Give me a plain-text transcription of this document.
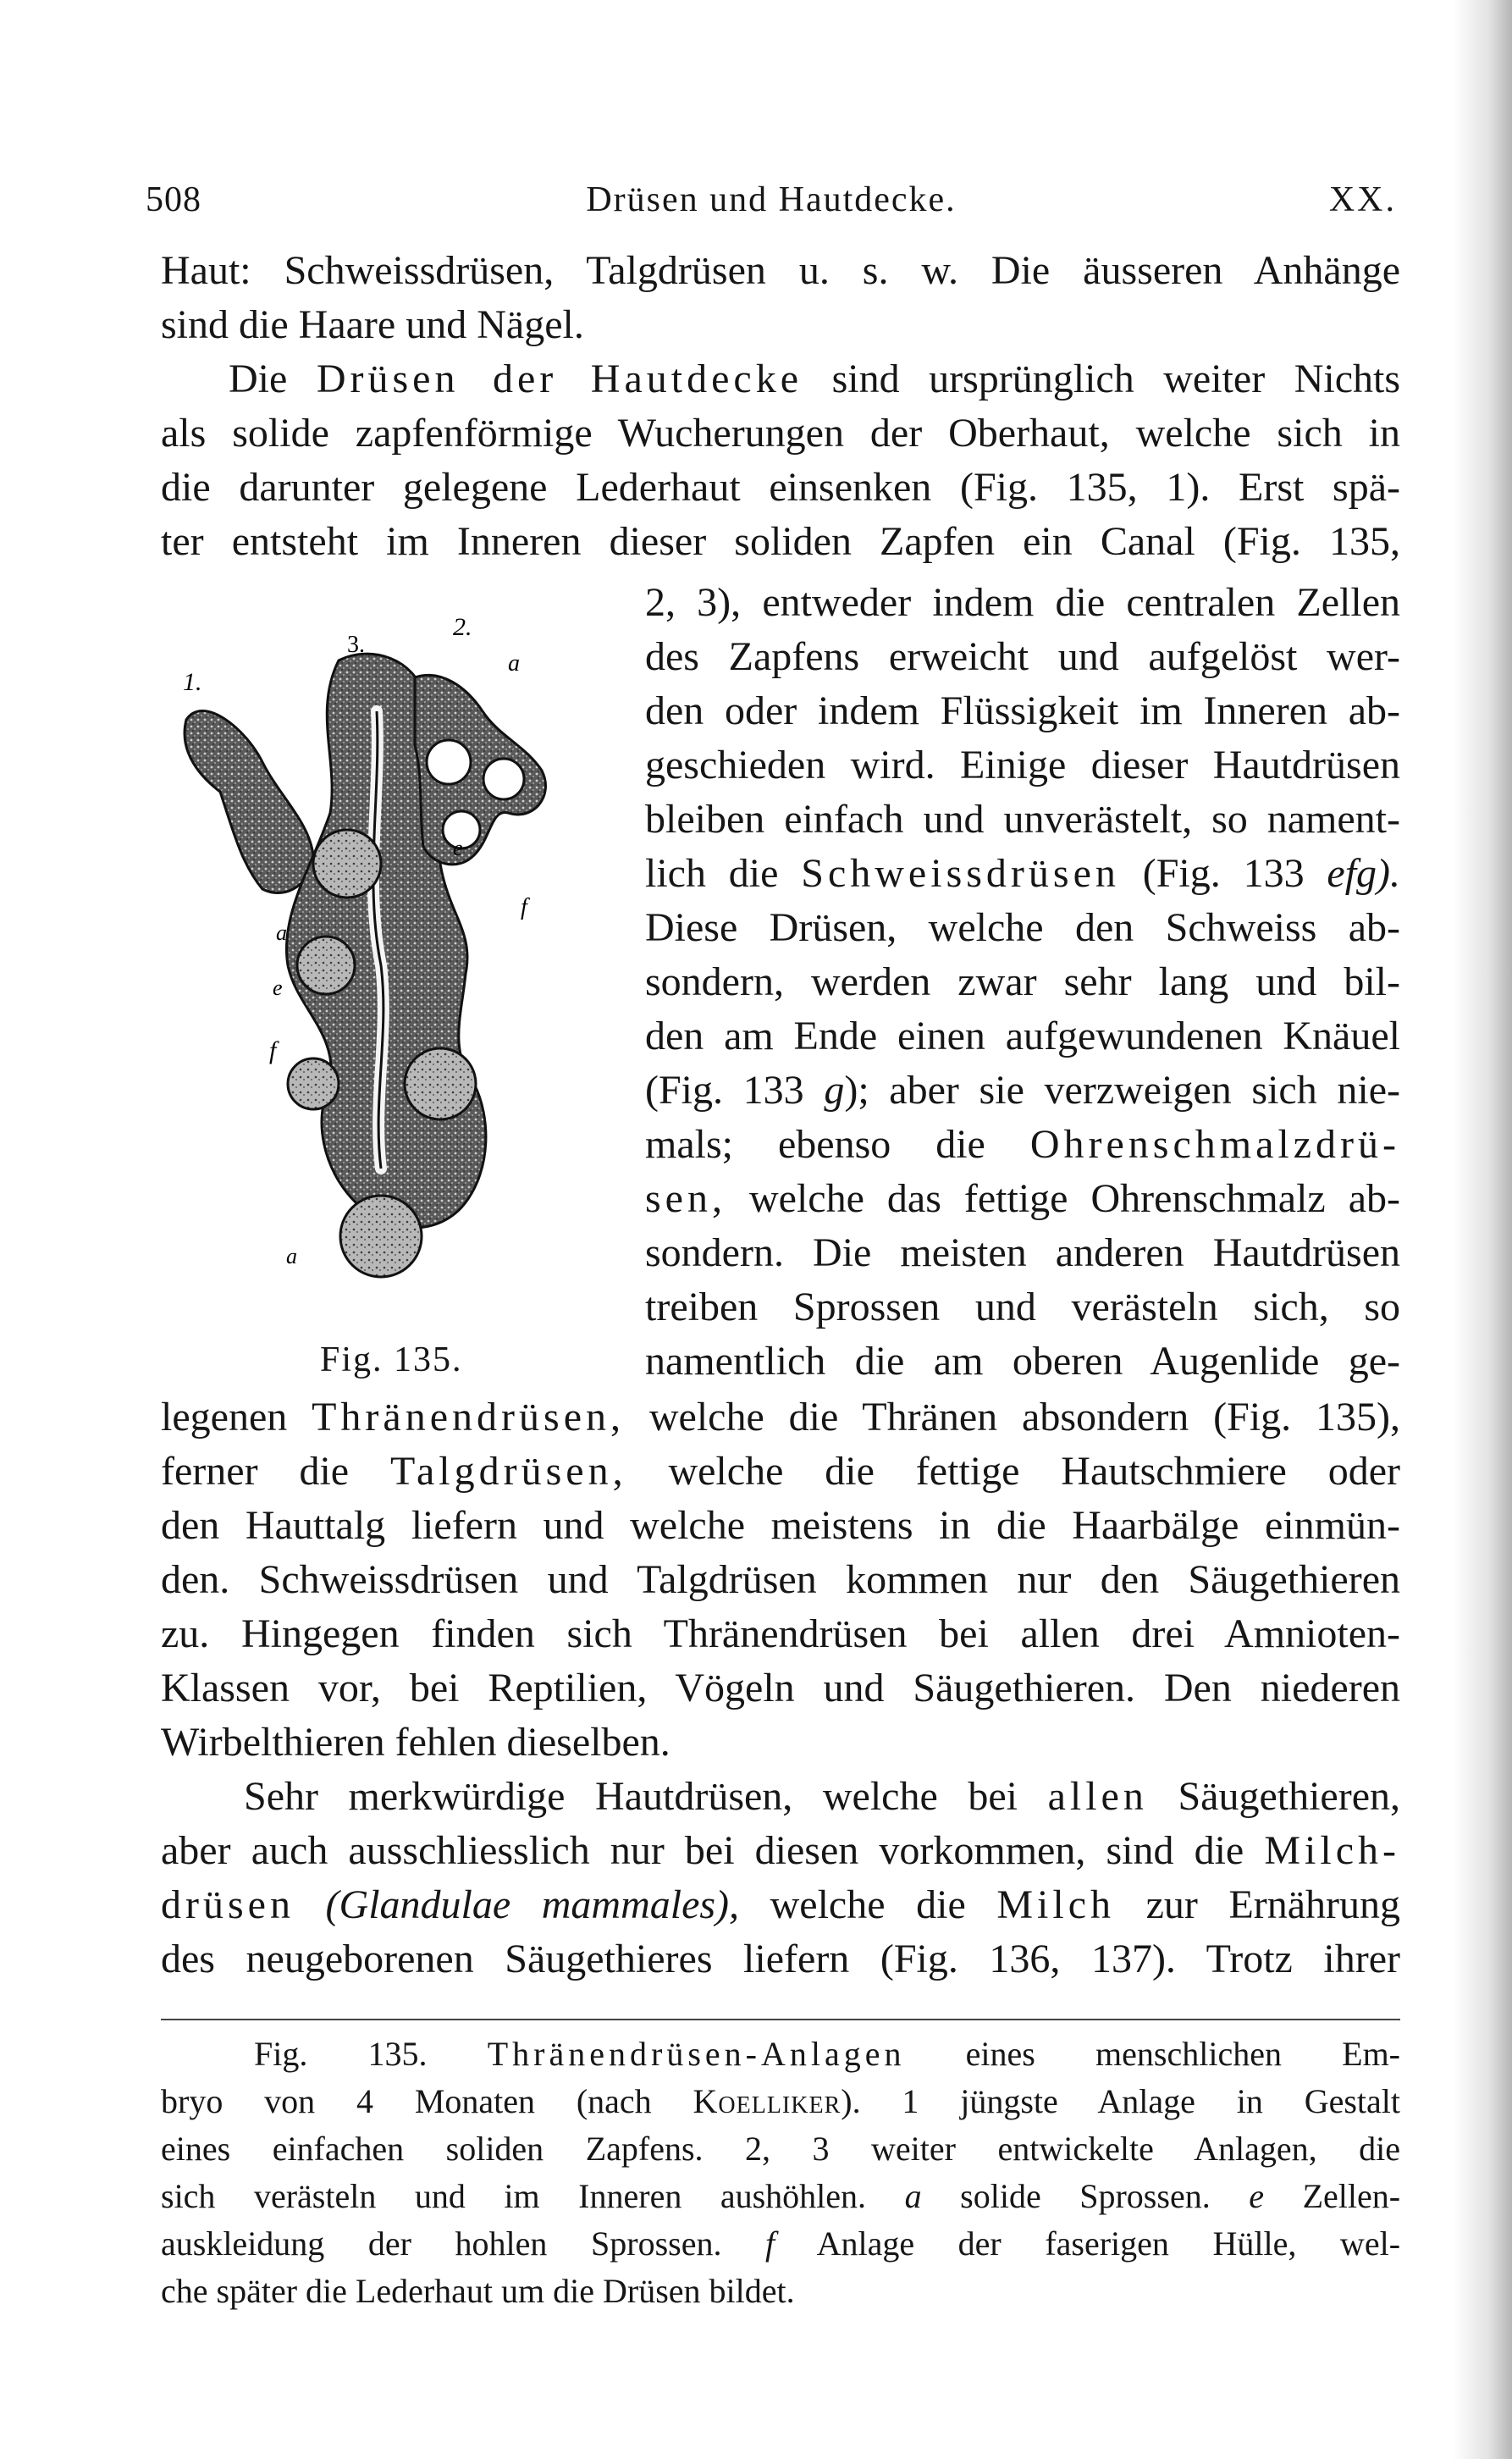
508	Drüsen und Hautdecke.	XX.
Haut: Schweissdrüsen, Talgdrüsen u. s. w. Die äusseren Anhänge
sind die Haare und Nägel.
Die Drüsen der Hautdecke sind ursprünglich weiter Nichts
als solide zapfenförmige Wucherungen der Oberhaut, welche sich in
die darunter gelegene Lederhaut einsenken (Fig. 135, 1). Erst spä-
ter entsteht im Inneren dieser soliden Zapfen ein Canal (Fig. 135,
1.
2.
3.
a
e
f
a
e
f
a
Fig. 135.
2, 3), entweder indem die centralen Zellen
des Zapfens erweicht und aufgelöst wer-
den oder indem Flüssigkeit im Inneren ab-
geschieden wird. Einige dieser Hautdrüsen
bleiben einfach und unverästelt, so nament-
lich die Schweissdrüsen (Fig. 133 efg).
Diese Drüsen, welche den Schweiss ab-
sondern, werden zwar sehr lang und bil-
den am Ende einen aufgewundenen Knäuel
(Fig. 133 g); aber sie verzweigen sich nie-
mals; ebenso die Ohrenschmalzdrü-
sen, welche das fettige Ohrenschmalz ab-
sondern. Die meisten anderen Hautdrüsen
treiben Sprossen und verästeln sich, so
namentlich die am oberen Augenlide ge-
legenen Thränendrüsen, welche die Thränen absondern (Fig. 135),
ferner die Talgdrüsen, welche die fettige Hautschmiere oder
den Hauttalg liefern und welche meistens in die Haarbälge einmün-
den. Schweissdrüsen und Talgdrüsen kommen nur den Säugethieren
zu. Hingegen finden sich Thränendrüsen bei allen drei Amnioten-
Klassen vor, bei Reptilien, Vögeln und Säugethieren. Den niederen
Wirbelthieren fehlen dieselben.
Sehr merkwürdige Hautdrüsen, welche bei allen Säugethieren,
aber auch ausschliesslich nur bei diesen vorkommen, sind die Milch-
drüsen (Glandulae mammales), welche die Milch zur Ernährung
des neugeborenen Säugethieres liefern (Fig. 136, 137). Trotz ihrer
Fig. 135. Thränendrüsen-Anlagen eines menschlichen Em-
bryo von 4 Monaten (nach Koelliker). 1 jüngste Anlage in Gestalt
eines einfachen soliden Zapfens. 2, 3 weiter entwickelte Anlagen, die
sich verästeln und im Inneren aushöhlen. a solide Sprossen. e Zellen-
auskleidung der hohlen Sprossen. f Anlage der faserigen Hülle, wel-
che später die Lederhaut um die Drüsen bildet.
